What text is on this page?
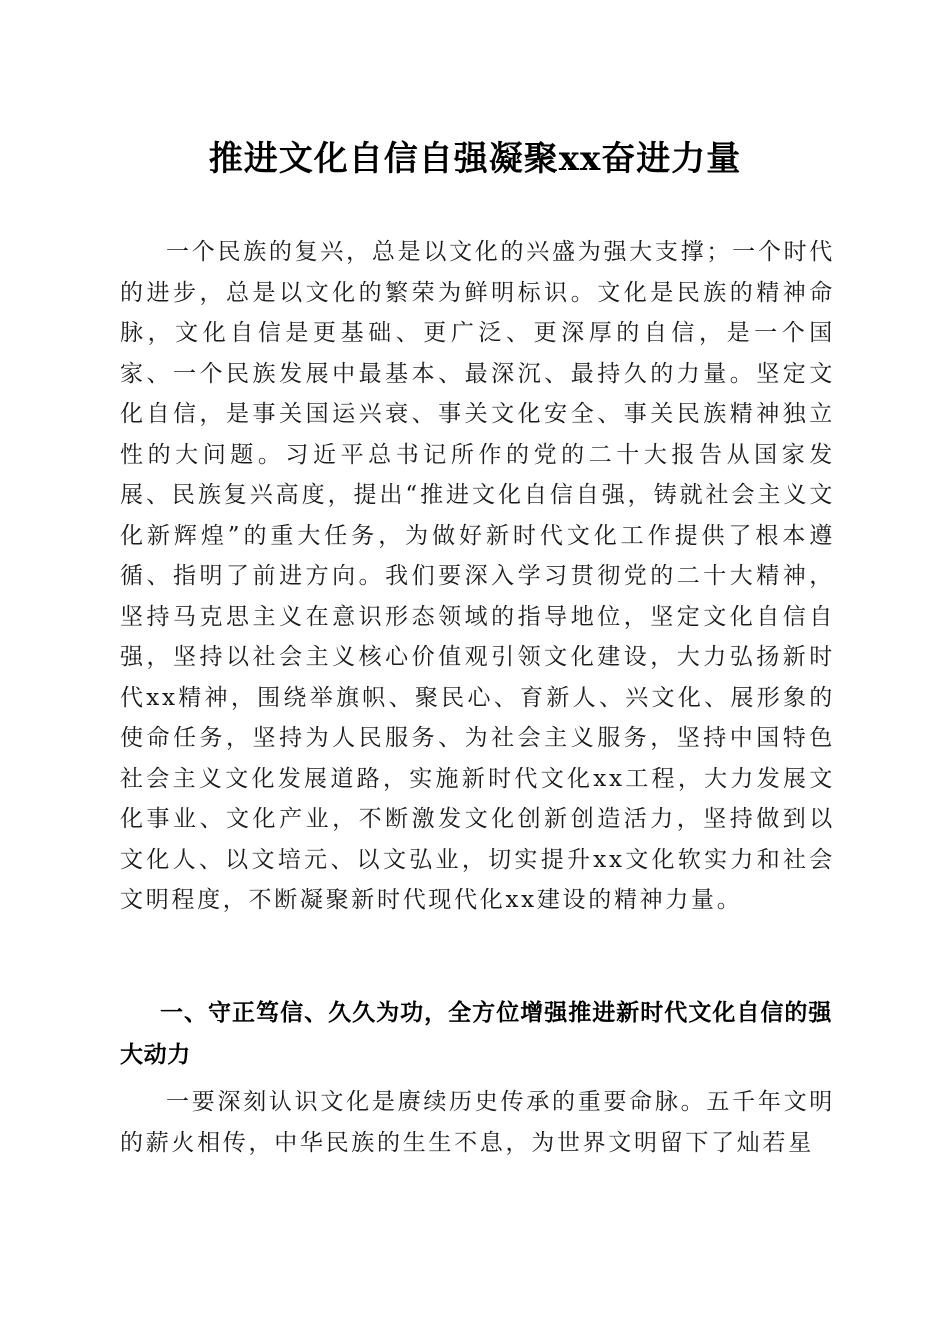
推进文化自信自强凝聚xx奋进力量

一个民族的复兴，总是以文化的兴盛为强大支撑；一个时代的进步，总是以文化的繁荣为鲜明标识。文化是民族的精神命脉，文化自信是更基础、更广泛、更深厚的自信，是一个国家、一个民族发展中最基本、最深沉、最持久的力量。坚定文化自信，是事关国运兴衰、事关文化安全、事关民族精神独立性的大问题。习近平总书记所作的党的二十大报告从国家发展、民族复兴高度，提出“推进文化自信自强，铸就社会主义文化新辉煌”的重大任务，为做好新时代文化工作提供了根本遵循、指明了前进方向。我们要深入学习贯彻党的二十大精神，坚持马克思主义在意识形态领域的指导地位，坚定文化自信自强，坚持以社会主义核心价值观引领文化建设，大力弘扬新时代xx精神，围绕举旗帜、聚民心、育新人、兴文化、展形象的使命任务，坚持为人民服务、为社会主义服务，坚持中国特色社会主义文化发展道路，实施新时代文化xx工程，大力发展文化事业、文化产业，不断激发文化创新创造活力，坚持做到以文化人、以文培元、以文弘业，切实提升xx文化软实力和社会文明程度，不断凝聚新时代现代化xx建设的精神力量。

一、守正笃信、久久为功，全方位增强推进新时代文化自信的强大动力

一要深刻认识文化是赓续历史传承的重要命脉。五千年文明的薪火相传，中华民族的生生不息，为世界文明留下了灿若星
